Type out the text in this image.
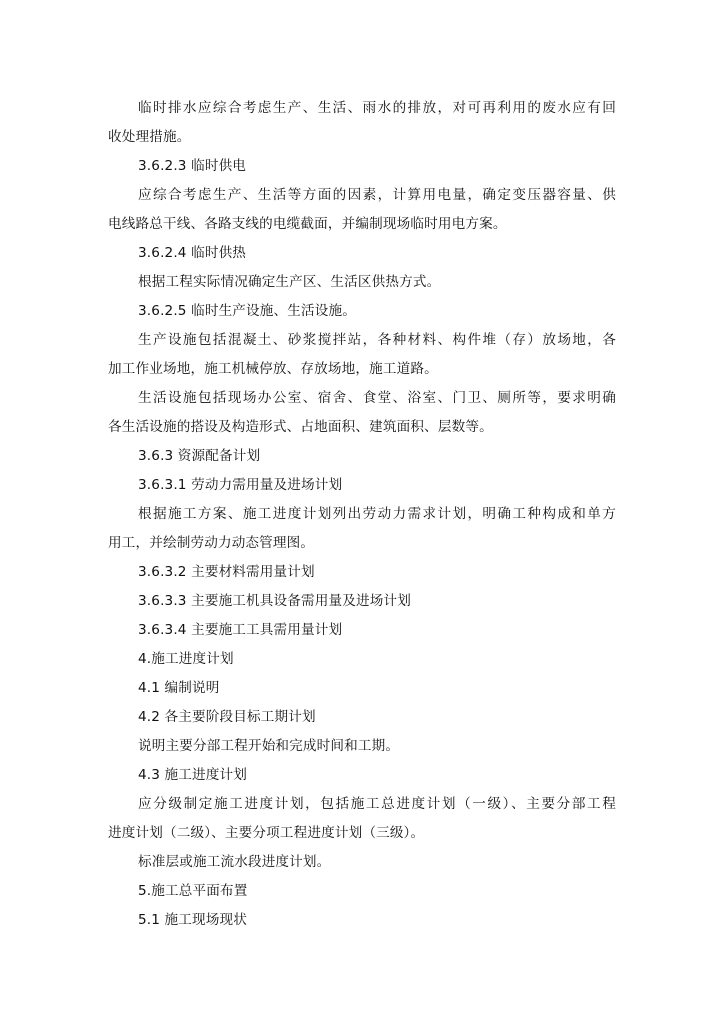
临时排水应综合考虑生产、生活、雨水的排放，对可再利用的废水应有回
收处理措施。
3.6.2.3 临时供电
应综合考虑生产、生活等方面的因素，计算用电量，确定变压器容量、供
电线路总干线、各路支线的电缆截面，并编制现场临时用电方案。
3.6.2.4 临时供热
根据工程实际情况确定生产区、生活区供热方式。
3.6.2.5 临时生产设施、生活设施。
生产设施包括混凝土、砂浆搅拌站，各种材料、构件堆（存）放场地，各
加工作业场地，施工机械停放、存放场地，施工道路。
生活设施包括现场办公室、宿舍、食堂、浴室、门卫、厕所等，要求明确
各生活设施的搭设及构造形式、占地面积、建筑面积、层数等。
3.6.3 资源配备计划
3.6.3.1 劳动力需用量及进场计划
根据施工方案、施工进度计划列出劳动力需求计划，明确工种构成和单方
用工，并绘制劳动力动态管理图。
3.6.3.2 主要材料需用量计划
3.6.3.3 主要施工机具设备需用量及进场计划
3.6.3.4 主要施工工具需用量计划
4.施工进度计划
4.1 编制说明
4.2 各主要阶段目标工期计划
说明主要分部工程开始和完成时间和工期。
4.3 施工进度计划
应分级制定施工进度计划，包括施工总进度计划（一级）、主要分部工程
进度计划（二级）、主要分项工程进度计划（三级）。
标准层或施工流水段进度计划。
5.施工总平面布置
5.1 施工现场现状
